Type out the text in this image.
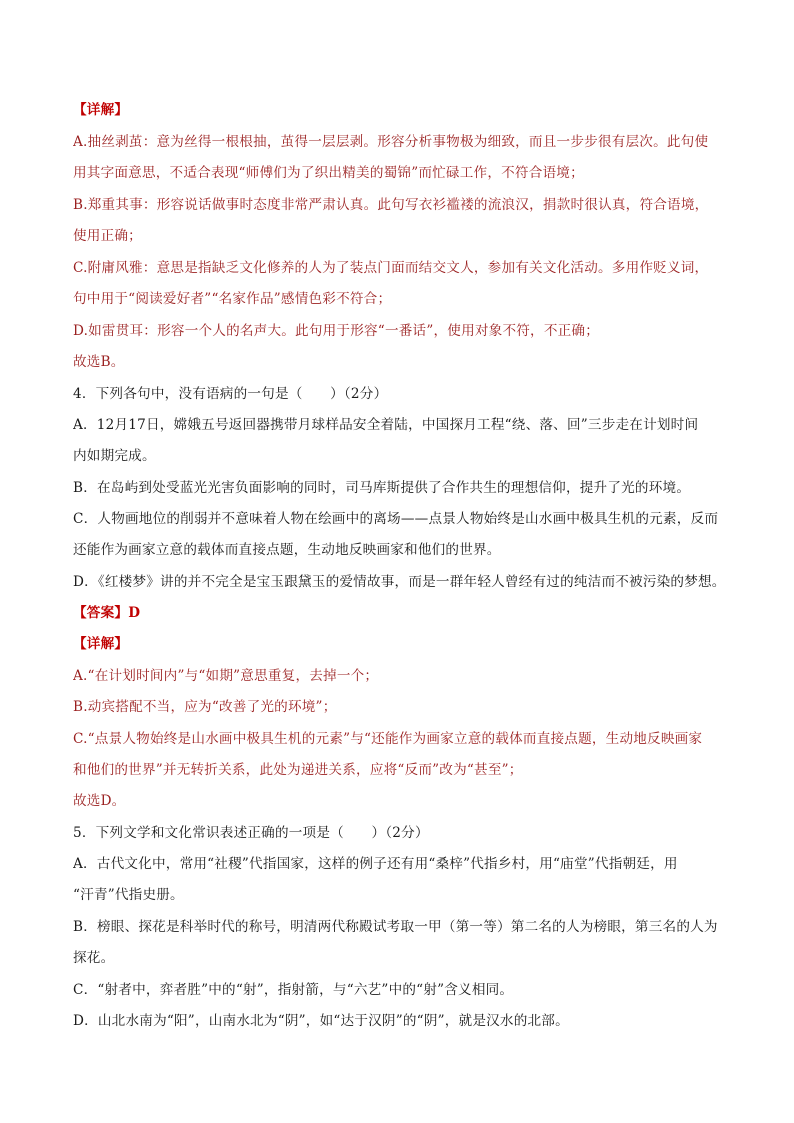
【详解】
A.抽丝剥茧：意为丝得一根根抽，茧得一层层剥。形容分析事物极为细致，而且一步步很有层次。此句使
用其字面意思，不适合表现“师傅们为了织出精美的蜀锦”而忙碌工作，不符合语境；
B.郑重其事：形容说话做事时态度非常严肃认真。此句写衣衫褴褛的流浪汉，捐款时很认真，符合语境，
使用正确；
C.附庸风雅：意思是指缺乏文化修养的人为了装点门面而结交文人，参加有关文化活动。多用作贬义词，
句中用于“阅读爱好者”“名家作品”感情色彩不符合；
D.如雷贯耳：形容一个人的名声大。此句用于形容“一番话”，使用对象不符，不正确；
故选B。
4．下列各句中，没有语病的一句是（　　）（2分）
A．12月17日，嫦娥五号返回器携带月球样品安全着陆，中国探月工程“绕、落、回”三步走在计划时间
内如期完成。
B．在岛屿到处受蓝光光害负面影响的同时，司马库斯提供了合作共生的理想信仰，提升了光的环境。
C．人物画地位的削弱并不意味着人物在绘画中的离场——点景人物始终是山水画中极具生机的元素，反而
还能作为画家立意的载体而直接点题，生动地反映画家和他们的世界。
D．《红楼梦》讲的并不完全是宝玉跟黛玉的爱情故事，而是一群年轻人曾经有过的纯洁而不被污染的梦想。
【答案】D
【详解】
A.“在计划时间内”与“如期”意思重复，去掉一个；
B.动宾搭配不当，应为“改善了光的环境”；
C.“点景人物始终是山水画中极具生机的元素”与“还能作为画家立意的载体而直接点题，生动地反映画家
和他们的世界”并无转折关系，此处为递进关系，应将“反而”改为“甚至”；
故选D。
5．下列文学和文化常识表述正确的一项是（　　）（2分）
A．古代文化中，常用“社稷”代指国家，这样的例子还有用“桑梓”代指乡村，用“庙堂”代指朝廷，用
“汗青”代指史册。
B．榜眼、探花是科举时代的称号，明清两代称殿试考取一甲（第一等）第二名的人为榜眼，第三名的人为
探花。
C．“射者中，弈者胜”中的“射”，指射箭，与“六艺”中的“射”含义相同。
D．山北水南为“阳”，山南水北为“阴”，如“达于汉阴”的“阴”，就是汉水的北部。
